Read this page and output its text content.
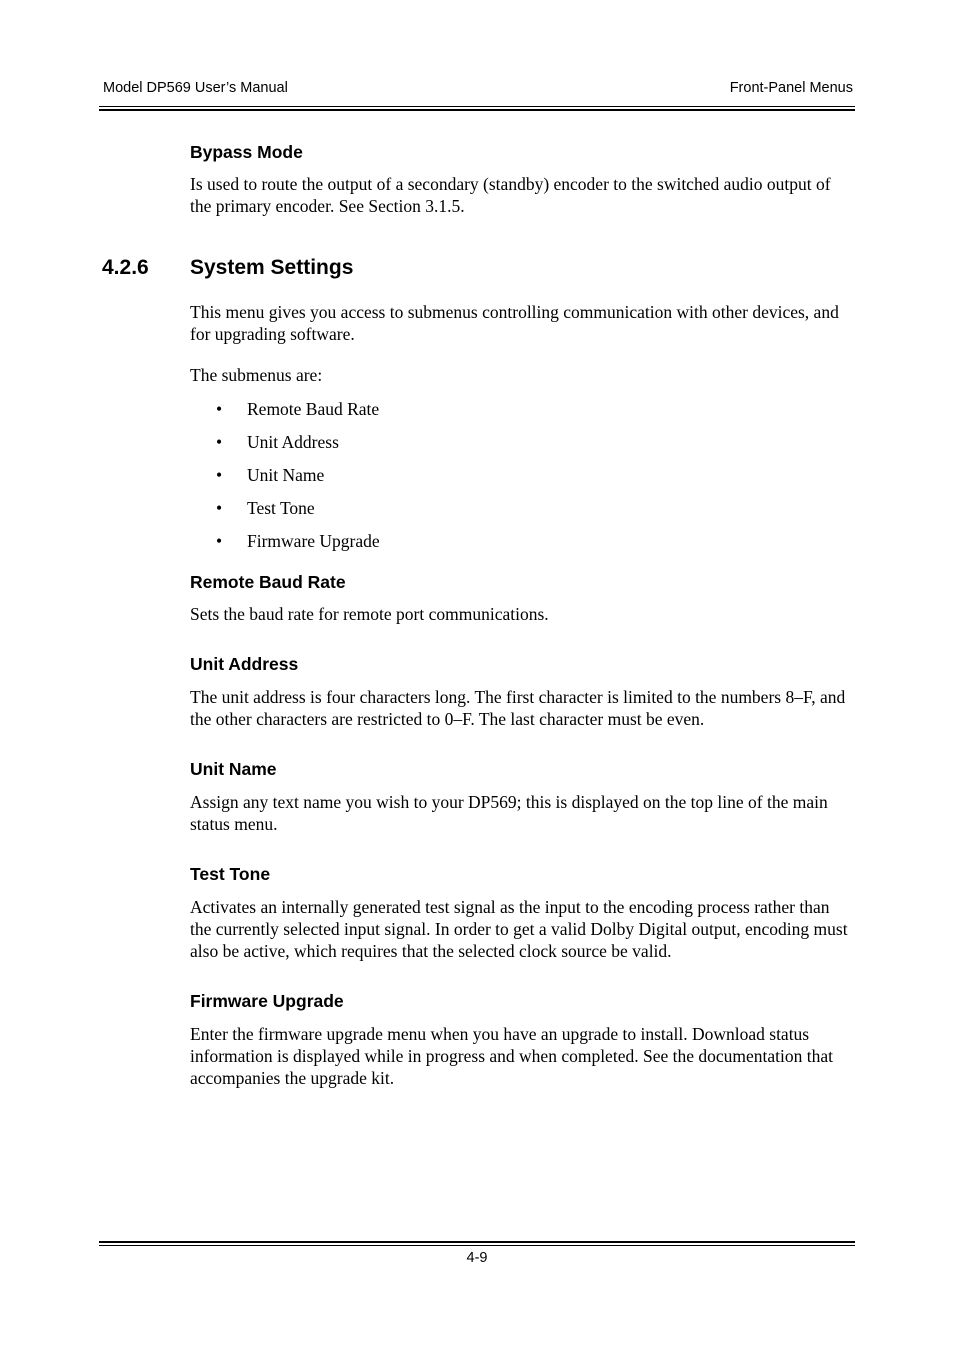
Model DP569 User’s Manual	Front-Panel Menus
Bypass Mode
Is used to route the output of a secondary (standby) encoder to the switched audio output of the primary encoder. See Section 3.1.5.
4.2.6 System Settings
This menu gives you access to submenus controlling communication with other devices, and for upgrading software.
The submenus are:
• Remote Baud Rate
• Unit Address
• Unit Name
• Test Tone
• Firmware Upgrade
Remote Baud Rate
Sets the baud rate for remote port communications.
Unit Address
The unit address is four characters long. The first character is limited to the numbers 8–F, and the other characters are restricted to 0–F. The last character must be even.
Unit Name
Assign any text name you wish to your DP569; this is displayed on the top line of the main status menu.
Test Tone
Activates an internally generated test signal as the input to the encoding process rather than the currently selected input signal. In order to get a valid Dolby Digital output, encoding must also be active, which requires that the selected clock source be valid.
Firmware Upgrade
Enter the firmware upgrade menu when you have an upgrade to install. Download status information is displayed while in progress and when completed. See the documentation that accompanies the upgrade kit.
4-9
